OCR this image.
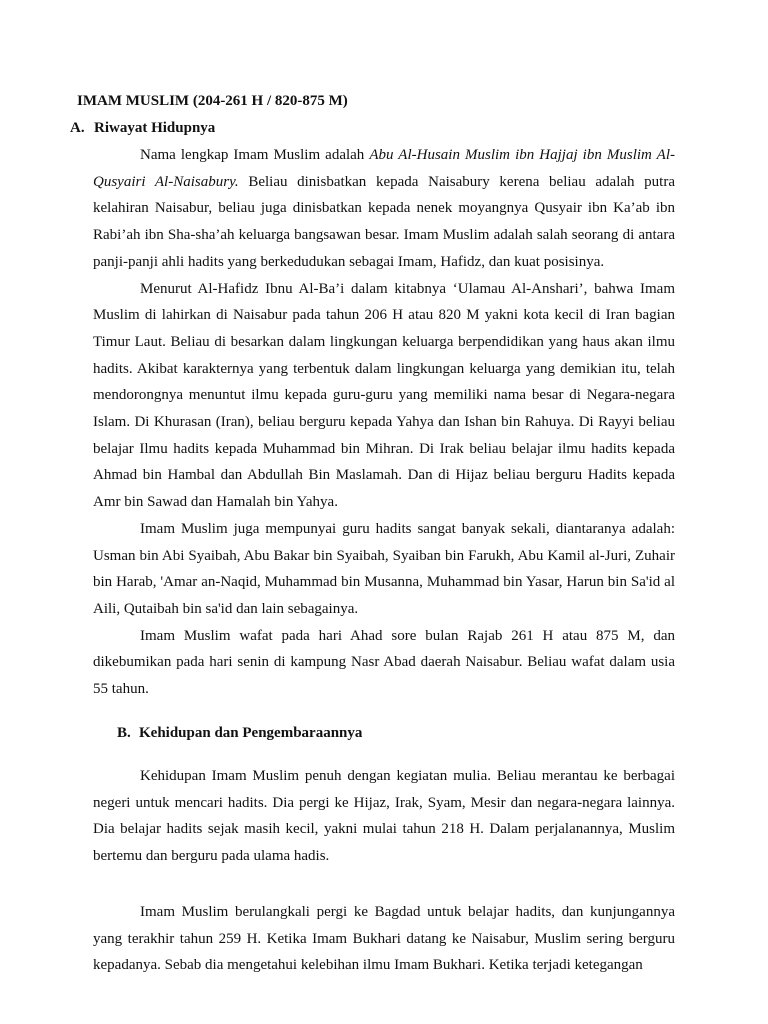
IMAM MUSLIM (204-261 H / 820-875 M)
A. Riwayat Hidupnya

Nama lengkap Imam Muslim adalah Abu Al-Husain Muslim ibn Hajjaj ibn Muslim Al-Qusyairi Al-Naisabury. Beliau dinisbatkan kepada Naisabury kerena beliau adalah putra kelahiran Naisabur, beliau juga dinisbatkan kepada nenek moyangnya Qusyair ibn Ka’ab ibn Rabi’ah ibn Sha-sha’ah keluarga bangsawan besar. Imam Muslim adalah salah seorang di antara panji-panji ahli hadits yang berkedudukan sebagai Imam, Hafidz, dan kuat posisinya.

Menurut Al-Hafidz Ibnu Al-Ba’i dalam kitabnya ‘Ulamau Al-Anshari’, bahwa Imam Muslim di lahirkan di Naisabur pada tahun 206 H atau 820 M yakni kota kecil di Iran bagian Timur Laut. Beliau di besarkan dalam lingkungan keluarga berpendidikan yang haus akan ilmu hadits. Akibat karakternya yang terbentuk dalam lingkungan keluarga yang demikian itu, telah mendorongnya menuntut ilmu kepada guru-guru yang memiliki nama besar di Negara-negara Islam. Di Khurasan (Iran), beliau berguru kepada Yahya dan Ishan bin Rahuya. Di Rayyi beliau belajar Ilmu hadits kepada Muhammad bin Mihran. Di Irak beliau belajar ilmu hadits kepada Ahmad bin Hambal dan Abdullah Bin Maslamah. Dan di Hijaz beliau berguru Hadits kepada Amr bin Sawad dan Hamalah bin Yahya.

Imam Muslim juga mempunyai guru hadits sangat banyak sekali, diantaranya adalah: Usman bin Abi Syaibah, Abu Bakar bin Syaibah, Syaiban bin Farukh, Abu Kamil al-Juri, Zuhair bin Harab, 'Amar an-Naqid, Muhammad bin Musanna, Muhammad bin Yasar, Harun bin Sa'id al Aili, Qutaibah bin sa'id dan lain sebagainya.

Imam Muslim wafat pada hari Ahad sore bulan Rajab 261 H atau 875 M, dan dikebumikan pada hari senin di kampung Nasr Abad daerah Naisabur. Beliau wafat dalam usia 55 tahun.

B. Kehidupan dan Pengembaraannya

Kehidupan Imam Muslim penuh dengan kegiatan mulia. Beliau merantau ke berbagai negeri untuk mencari hadits. Dia pergi ke Hijaz, Irak, Syam, Mesir dan negara-negara lainnya. Dia belajar hadits sejak masih kecil, yakni mulai tahun 218 H. Dalam perjalanannya, Muslim bertemu dan berguru pada ulama hadis.

Imam Muslim berulangkali pergi ke Bagdad untuk belajar hadits, dan kunjungannya yang terakhir tahun 259 H. Ketika Imam Bukhari datang ke Naisabur, Muslim sering berguru kepadanya. Sebab dia mengetahui kelebihan ilmu Imam Bukhari. Ketika terjadi ketegangan
